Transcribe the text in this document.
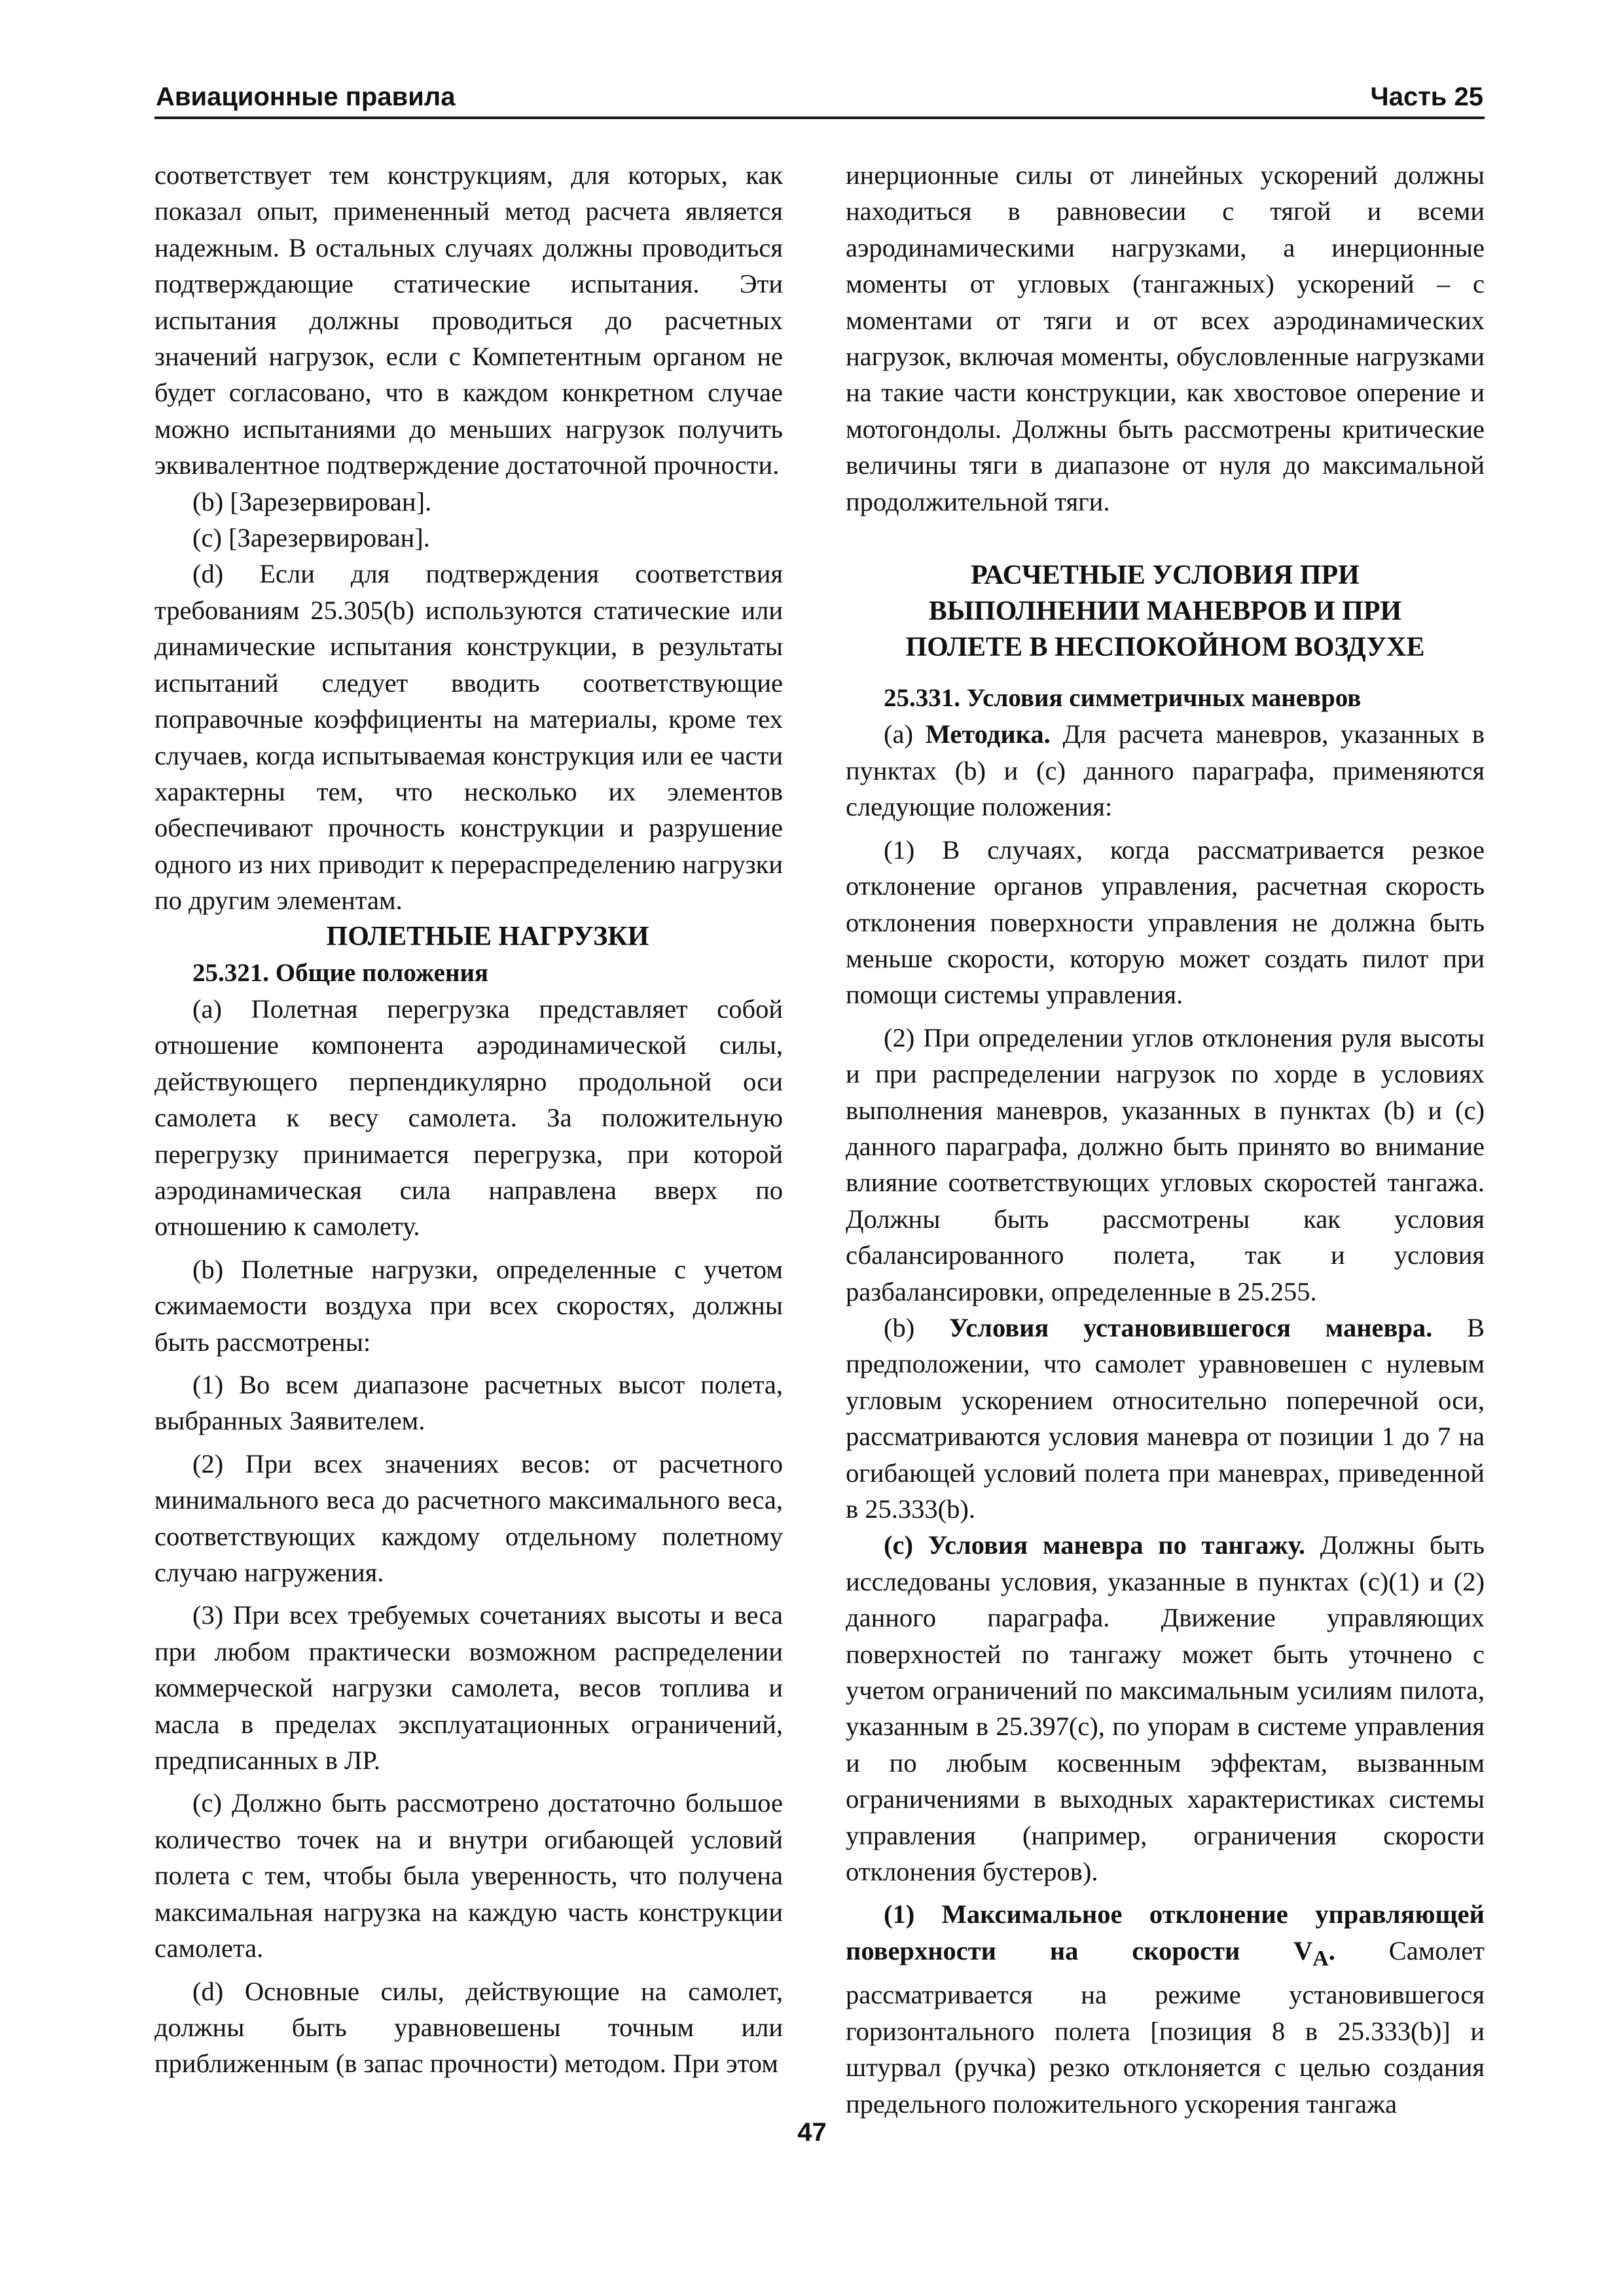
Авиационные правила	Часть 25

соответствует тем конструкциям, для которых, как показал опыт, примененный метод расчета является надежным. В остальных случаях должны проводиться подтверждающие статические испытания. Эти испытания должны проводиться до расчетных значений нагрузок, если с Компетентным органом не будет согласовано, что в каждом конкретном случае можно испытаниями до меньших нагрузок получить эквивалентное подтверждение достаточной прочности.

(b) [Зарезервирован].

(c) [Зарезервирован].

(d) Если для подтверждения соответствия требованиям 25.305(b) используются статические или динамические испытания конструкции, в результаты испытаний следует вводить соответствующие поправочные коэффициенты на материалы, кроме тех случаев, когда испытываемая конструкция или ее части характерны тем, что несколько их элементов обеспечивают прочность конструкции и разрушение одного из них приводит к перераспределению нагрузки по другим элементам.

ПОЛЕТНЫЕ НАГРУЗКИ

25.321. Общие положения

(a) Полетная перегрузка представляет собой отношение компонента аэродинамической силы, действующего перпендикулярно продольной оси самолета к весу самолета. За положительную перегрузку принимается перегрузка, при которой аэродинамическая сила направлена вверх по отношению к самолету.

(b) Полетные нагрузки, определенные с учетом сжимаемости воздуха при всех скоростях, должны быть рассмотрены:

(1) Во всем диапазоне расчетных высот полета, выбранных Заявителем.

(2) При всех значениях весов: от расчетного минимального веса до расчетного максимального веса, соответствующих каждому отдельному полетному случаю нагружения.

(3) При всех требуемых сочетаниях высоты и веса при любом практически возможном распределении коммерческой нагрузки самолета, весов топлива и масла в пределах эксплуатационных ограничений, предписанных в ЛР.

(c) Должно быть рассмотрено достаточно большое количество точек на и внутри огибающей условий полета с тем, чтобы была уверенность, что получена максимальная нагрузка на каждую часть конструкции самолета.

(d) Основные силы, действующие на самолет, должны быть уравновешены точным или приближенным (в запас прочности) методом. При этом

инерционные силы от линейных ускорений должны находиться в равновесии с тягой и всеми аэродинамическими нагрузками, а инерционные моменты от угловых (тангажных) ускорений – с моментами от тяги и от всех аэродинамических нагрузок, включая моменты, обусловленные нагрузками на такие части конструкции, как хвостовое оперение и мотогондолы. Должны быть рассмотрены критические величины тяги в диапазоне от нуля до максимальной продолжительной тяги.

РАСЧЕТНЫЕ УСЛОВИЯ ПРИ
ВЫПОЛНЕНИИ МАНЕВРОВ И ПРИ
ПОЛЕТЕ В НЕСПОКОЙНОМ ВОЗДУХЕ

25.331. Условия симметричных маневров

(a) Методика. Для расчета маневров, указанных в пунктах (b) и (c) данного параграфа, применяются следующие положения:

(1) В случаях, когда рассматривается резкое отклонение органов управления, расчетная скорость отклонения поверхности управления не должна быть меньше скорости, которую может создать пилот при помощи системы управления.

(2) При определении углов отклонения руля высоты и при распределении нагрузок по хорде в условиях выполнения маневров, указанных в пунктах (b) и (c) данного параграфа, должно быть принято во внимание влияние соответствующих угловых скоростей тангажа. Должны быть рассмотрены как условия сбалансированного полета, так и условия разбалансировки, определенные в 25.255.

(b) Условия установившегося маневра. В предположении, что самолет уравновешен с нулевым угловым ускорением относительно поперечной оси, рассматриваются условия маневра от позиции 1 до 7 на огибающей условий полета при маневрах, приведенной в 25.333(b).

(c) Условия маневра по тангажу. Должны быть исследованы условия, указанные в пунктах (c)(1) и (2) данного параграфа. Движение управляющих поверхностей по тангажу может быть уточнено с учетом ограничений по максимальным усилиям пилота, указанным в 25.397(c), по упорам в системе управления и по любым косвенным эффектам, вызванным ограничениями в выходных характеристиках системы управления (например, ограничения скорости отклонения бустеров).

(1) Максимальное отклонение управляющей поверхности на скорости $V_A$. Самолет рассматривается на режиме установившегося горизонтального полета [позиция 8 в 25.333(b)] и штурвал (ручка) резко отклоняется с целью создания предельного положительного ускорения тангажа

47
